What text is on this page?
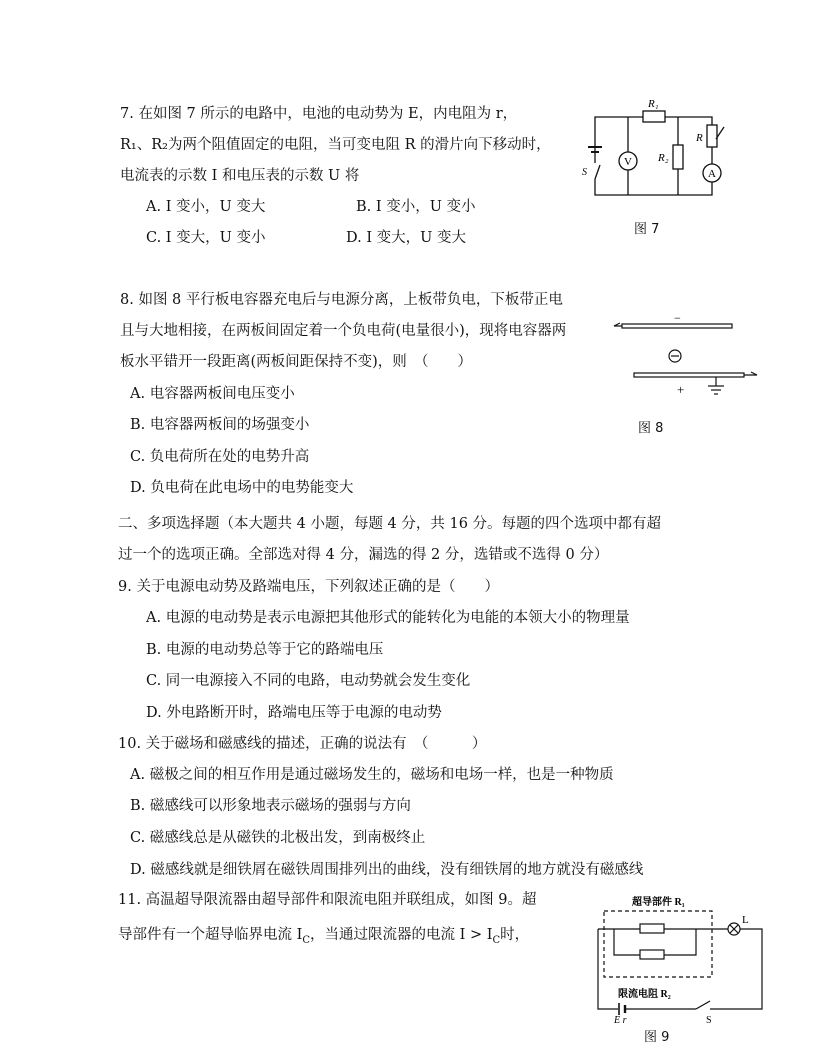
7. 在如图 7 所示的电路中，电池的电动势为 E，内电阻为 r，
R₁、R₂为两个阻值固定的电阻，当可变电阻 R 的滑片向下移动时，
电流表的示数 I 和电压表的示数 U 将
A. I 变小，U 变大	B. I 变小，U 变小
C. I 变大，U 变小	D. I 变大，U 变大
V
A
R₁
R₂
R
S
图 7
8. 如图 8 平行板电容器充电后与电源分离，上板带负电，下板带正电
且与大地相接，在两板间固定着一个负电荷(电量很小)，现将电容器两
板水平错开一段距离(两板间距保持不变)，则　（　　）
A. 电容器两板间电压变小
B. 电容器两板间的场强变小
C. 负电荷所在处的电势升高
D. 负电荷在此电场中的电势能变大
−
+
图 8
二、多项选择题（本大题共 4 小题，每题 4 分，共 16 分。每题的四个选项中都有超
过一个的选项正确。全部选对得 4 分，漏选的得 2 分，选错或不选得 0 分）
9. 关于电源电动势及路端电压，下列叙述正确的是（　　）
A. 电源的电动势是表示电源把其他形式的能转化为电能的本领大小的物理量
B. 电源的电动势总等于它的路端电压
C. 同一电源接入不同的电路，电动势就会发生变化
D. 外电路断开时，路端电压等于电源的电动势
10. 关于磁场和磁感线的描述，正确的说法有　（　　　）
A. 磁极之间的相互作用是通过磁场发生的，磁场和电场一样，也是一种物质
B. 磁感线可以形象地表示磁场的强弱与方向
C. 磁感线总是从磁铁的北极出发，到南极终止
D. 磁感线就是细铁屑在磁铁周围排列出的曲线，没有细铁屑的地方就没有磁感线
11. 高温超导限流器由超导部件和限流电阻并联组成，如图 9。超
导部件有一个超导临界电流 $I_C$，当通过限流器的电流 $I > I_C$时，
超导部件 R₁
限流电阻 R₂
L
E r	S
图 9
